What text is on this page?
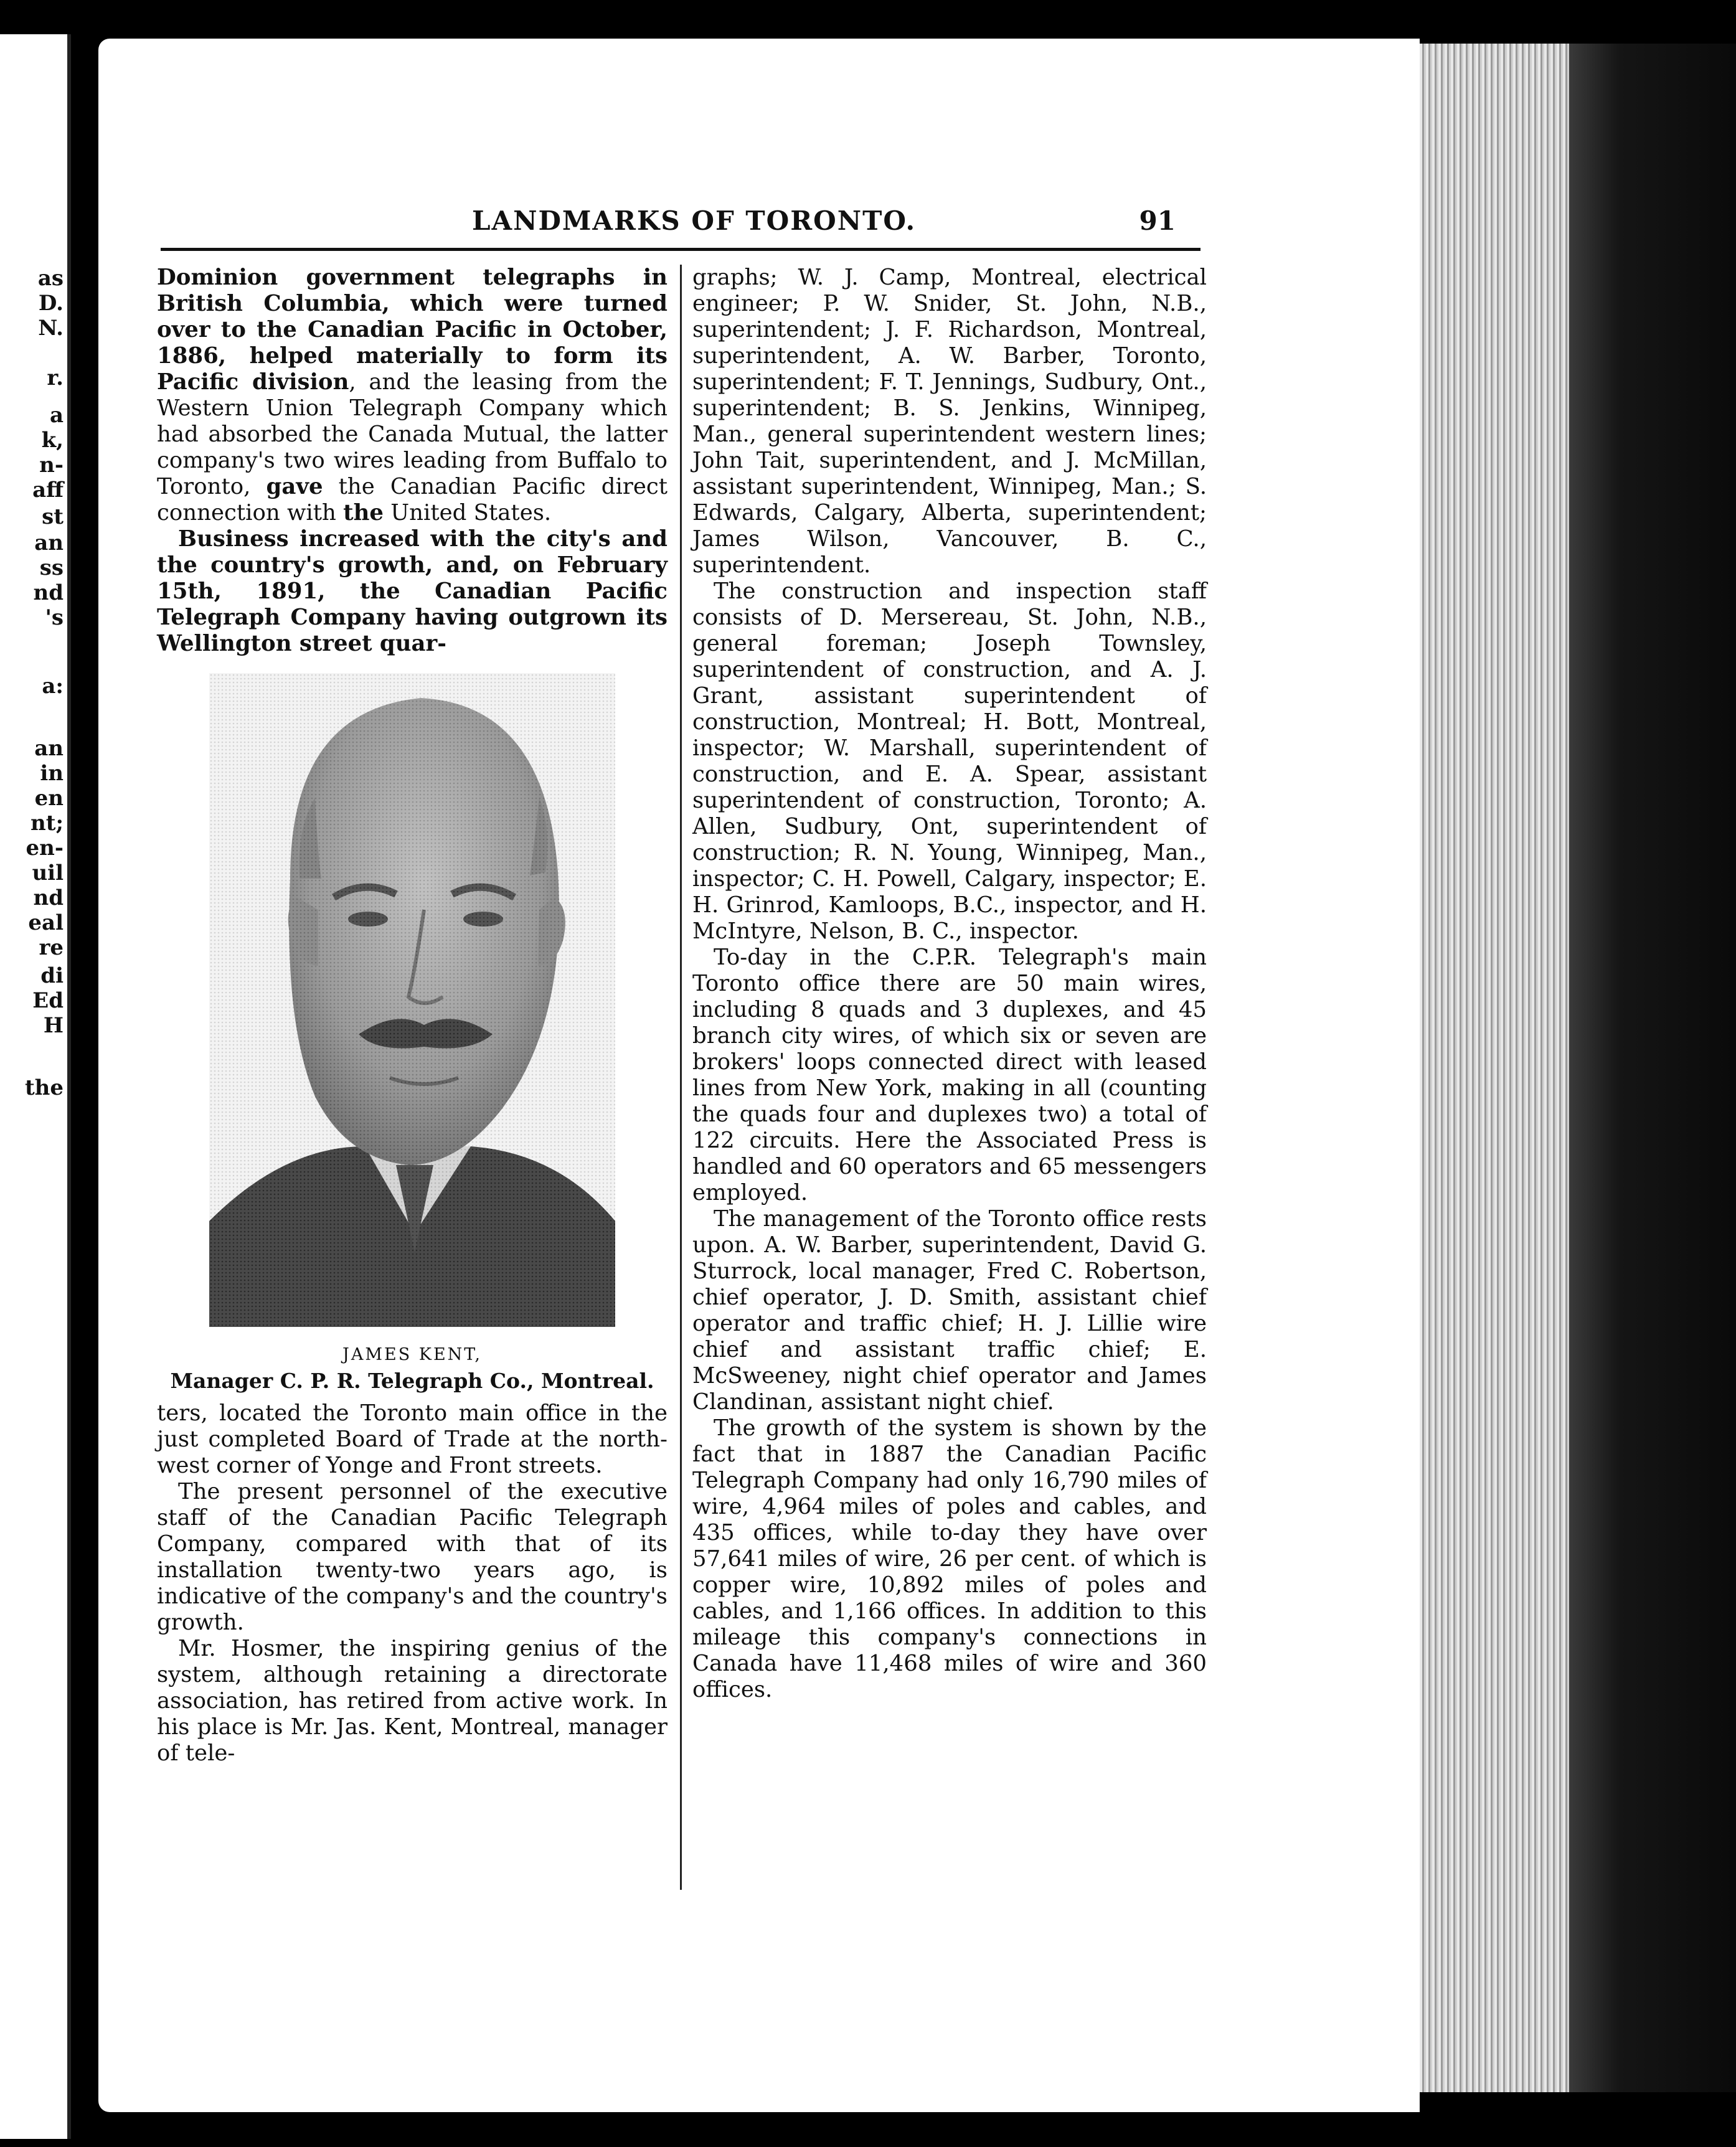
as
D.
N.
r.
a
k,
n-
aff
st
an
ss
nd
's
a:
an
in
en
nt;
en-
uil
nd
eal
re
di
Ed
H
the
LANDMARKS OF TORONTO.	91

Dominion government telegraphs in British Columbia, which were turned over to the Canadian Pacific in October, 1886, helped materially to form its Pacific division, and the leasing from the Western Union Telegraph Company which had absorbed the Canada Mutual, the latter company's two wires leading from Buffalo to Toronto, gave the Canadian Pacific direct connection with the United States.

Business increased with the city's and the country's growth, and, on February 15th, 1891, the Canadian Pacific Telegraph Company having outgrown its Wellington street quar-

JAMES KENT,
Manager C. P. R. Telegraph Co., Montreal.

ters, located the Toronto main office in the just completed Board of Trade at the north-west corner of Yonge and Front streets.

The present personnel of the executive staff of the Canadian Pacific Telegraph Company, compared with that of its installation twenty-two years ago, is indicative of the company's and the country's growth.

Mr. Hosmer, the inspiring genius of the system, although retaining a directorate association, has retired from active work. In his place is Mr. Jas. Kent, Montreal, manager of tele-

graphs; W. J. Camp, Montreal, electrical engineer; P. W. Snider, St. John, N.B., superintendent; J. F. Richardson, Montreal, superintendent, A. W. Barber, Toronto, superintendent; F. T. Jennings, Sudbury, Ont., superintendent; B. S. Jenkins, Winnipeg, Man., general superintendent western lines; John Tait, superintendent, and J. McMillan, assistant superintendent, Winnipeg, Man.; S. Edwards, Calgary, Alberta, superintendent; James Wilson, Vancouver, B. C., superintendent.

The construction and inspection staff consists of D. Mersereau, St. John, N.B., general foreman; Joseph Townsley, superintendent of construction, and A. J. Grant, assistant superintendent of construction, Montreal; H. Bott, Montreal, inspector; W. Marshall, superintendent of construction, and E. A. Spear, assistant superintendent of construction, Toronto; A. Allen, Sudbury, Ont, superintendent of construction; R. N. Young, Winnipeg, Man., inspector; C. H. Powell, Calgary, inspector; E. H. Grinrod, Kamloops, B.C., inspector, and H. McIntyre, Nelson, B. C., inspector.

To-day in the C.P.R. Telegraph's main Toronto office there are 50 main wires, including 8 quads and 3 duplexes, and 45 branch city wires, of which six or seven are brokers' loops connected direct with leased lines from New York, making in all (counting the quads four and duplexes two) a total of 122 circuits. Here the Associated Press is handled and 60 operators and 65 messengers employed.

The management of the Toronto office rests upon. A. W. Barber, superintendent, David G. Sturrock, local manager, Fred C. Robertson, chief operator, J. D. Smith, assistant chief operator and traffic chief; H. J. Lillie wire chief and assistant traffic chief; E. McSweeney, night chief operator and James Clandinan, assistant night chief.

The growth of the system is shown by the fact that in 1887 the Canadian Pacific Telegraph Company had only 16,790 miles of wire, 4,964 miles of poles and cables, and 435 offices, while to-day they have over 57,641 miles of wire, 26 per cent. of which is copper wire, 10,892 miles of poles and cables, and 1,166 offices. In addition to this mileage this company's connections in Canada have 11,468 miles of wire and 360 offices.
